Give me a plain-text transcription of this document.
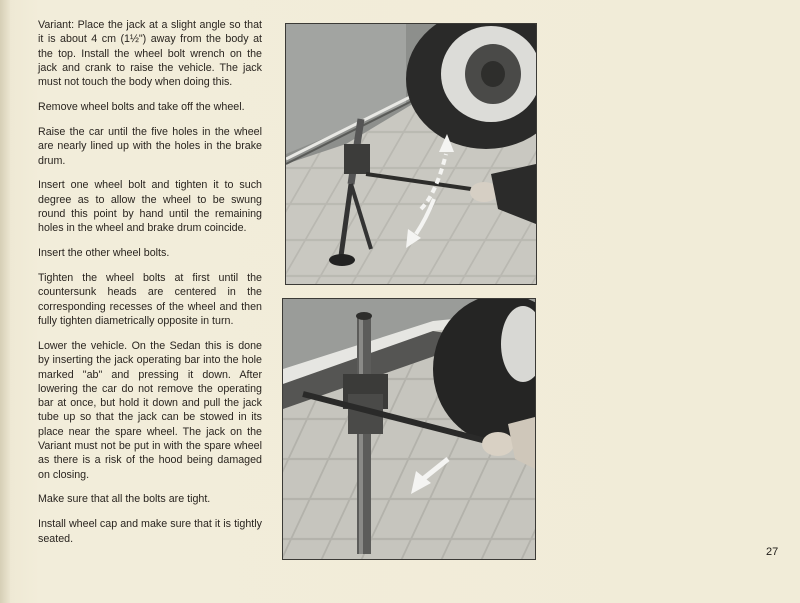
Variant: Place the jack at a slight angle so that it is about 4 cm (1½") away from the body at the top. Install the wheel bolt wrench on the jack and crank to raise the vehicle. The jack must not touch the body when doing this.

Remove wheel bolts and take off the wheel.

Raise the car until the five holes in the wheel are nearly lined up with the holes in the brake drum.

Insert one wheel bolt and tighten it to such degree as to allow the wheel to be swung round this point by hand until the remaining holes in the wheel and brake drum coincide.

Insert the other wheel bolts.

Tighten the wheel bolts at first until the countersunk heads are centered in the corresponding recesses of the wheel and then fully tighten diametrically opposite in turn.

Lower the vehicle. On the Sedan this is done by inserting the jack operating bar into the hole marked "ab" and pressing it down. After lowering the car do not remove the operating bar at once, but hold it down and pull the jack tube up so that the jack can be stowed in its place near the spare wheel. The jack on the Variant must not be put in with the spare wheel as there is a risk of the hood being damaged on closing.

Make sure that all the bolts are tight.

Install wheel cap and make sure that it is tightly seated.

27
